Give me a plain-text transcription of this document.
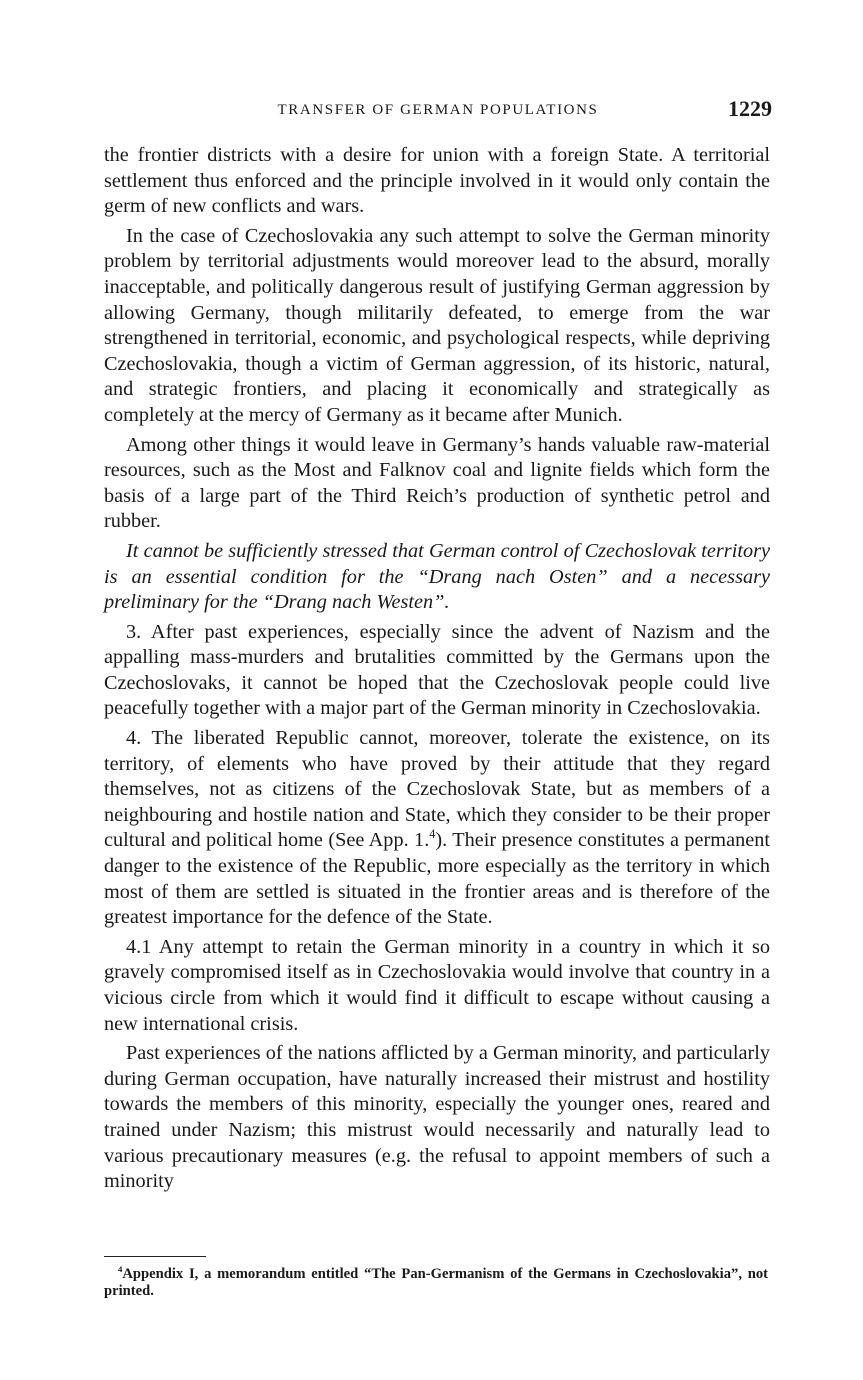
TRANSFER OF GERMAN POPULATIONS	1229

the frontier districts with a desire for union with a foreign State. A territorial settlement thus enforced and the principle involved in it would only contain the germ of new conflicts and wars.

In the case of Czechoslovakia any such attempt to solve the German minority problem by territorial adjustments would moreover lead to the absurd, morally inacceptable, and politically dangerous result of justifying German aggression by allowing Germany, though militarily defeated, to emerge from the war strengthened in territorial, economic, and psychological respects, while depriving Czechoslovakia, though a victim of German aggression, of its historic, natural, and strategic frontiers, and placing it economically and strategically as completely at the mercy of Germany as it became after Munich.

Among other things it would leave in Germany’s hands valuable raw-material resources, such as the Most and Falknov coal and lignite fields which form the basis of a large part of the Third Reich’s production of synthetic petrol and rubber.

It cannot be sufficiently stressed that German control of Czechoslovak territory is an essential condition for the “Drang nach Osten” and a necessary preliminary for the “Drang nach Westen”.

3. After past experiences, especially since the advent of Nazism and the appalling mass-murders and brutalities committed by the Germans upon the Czechoslovaks, it cannot be hoped that the Czechoslovak people could live peacefully together with a major part of the German minority in Czechoslovakia.

4. The liberated Republic cannot, moreover, tolerate the existence, on its territory, of elements who have proved by their attitude that they regard themselves, not as citizens of the Czechoslovak State, but as members of a neighbouring and hostile nation and State, which they consider to be their proper cultural and political home (See App. 1.$^4$). Their presence constitutes a permanent danger to the existence of the Republic, more especially as the territory in which most of them are settled is situated in the frontier areas and is therefore of the greatest importance for the defence of the State.

4.1 Any attempt to retain the German minority in a country in which it so gravely compromised itself as in Czechoslovakia would involve that country in a vicious circle from which it would find it difficult to escape without causing a new international crisis.

Past experiences of the nations afflicted by a German minority, and particularly during German occupation, have naturally increased their mistrust and hostility towards the members of this minority, especially the younger ones, reared and trained under Nazism; this mistrust would necessarily and naturally lead to various precautionary measures (e.g. the refusal to appoint members of such a minority

$^4$Appendix I, a memorandum entitled “The Pan-Germanism of the Germans in Czechoslovakia”, not printed.
